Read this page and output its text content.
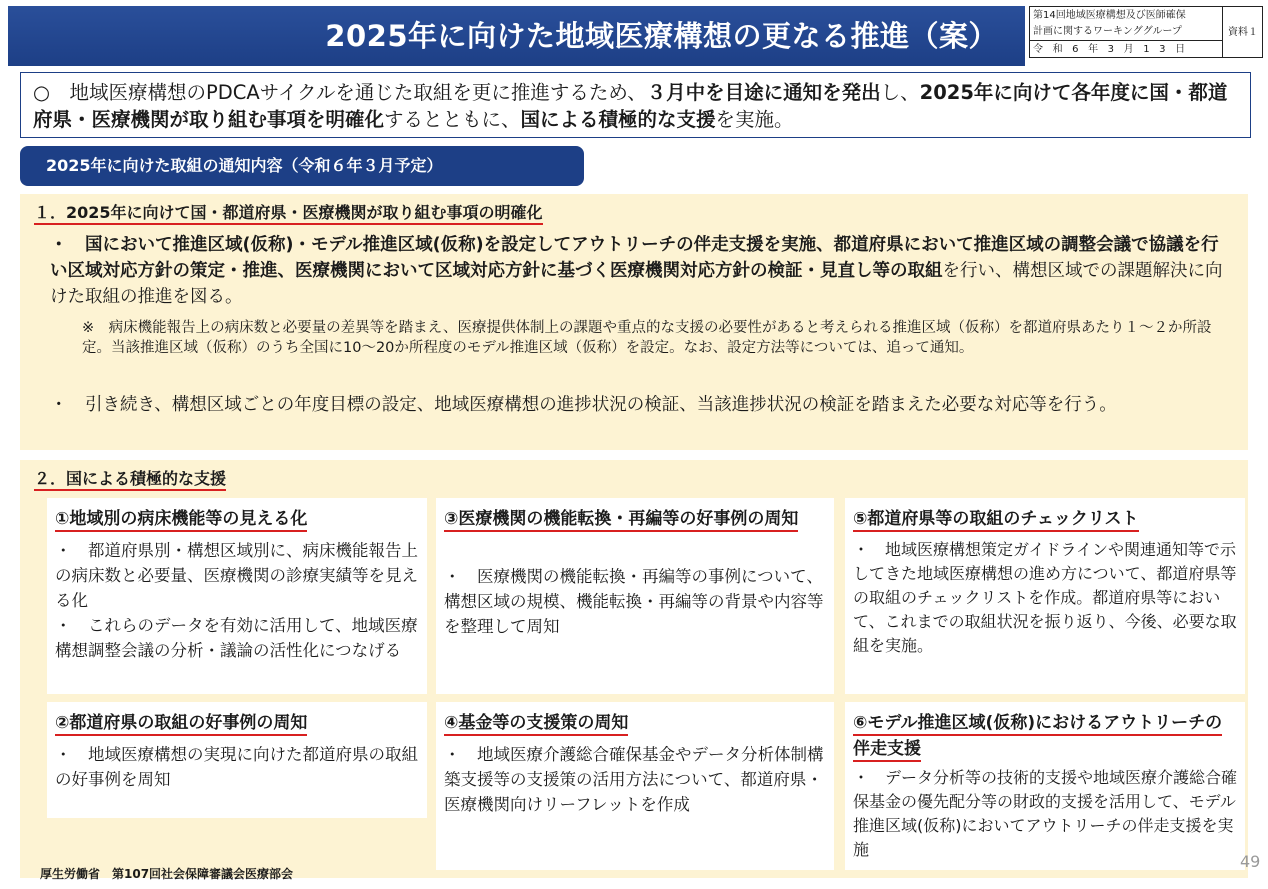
2025年に向けた地域医療構想の更なる推進（案）
第14回地域医療構想及び医師確保
計画に関するワーキンググループ
令 和 6 年 3 月 1 3 日
資料１
○　地域医療構想のPDCAサイクルを通じた取組を更に推進するため、３月中を目途に通知を発出し、2025年に向けて各年度に国・都道府県・医療機関が取り組む事項を明確化するとともに、国による積極的な支援を実施。
2025年に向けた取組の通知内容（令和６年３月予定）
１．2025年に向けて国・都道府県・医療機関が取り組む事項の明確化
・　国において推進区域(仮称)・モデル推進区域(仮称)を設定してアウトリーチの伴走支援を実施、都道府県において推進区域の調整会議で協議を行い区域対応方針の策定・推進、医療機関において区域対応方針に基づく医療機関対応方針の検証・見直し等の取組を行い、構想区域での課題解決に向けた取組の推進を図る。
※　病床機能報告上の病床数と必要量の差異等を踏まえ、医療提供体制上の課題や重点的な支援の必要性があると考えられる推進区域（仮称）を都道府県あたり１～２か所設定。当該推進区域（仮称）のうち全国に10～20か所程度のモデル推進区域（仮称）を設定。なお、設定方法等については、追って通知。
・　引き続き、構想区域ごとの年度目標の設定、地域医療構想の進捗状況の検証、当該進捗状況の検証を踏まえた必要な対応等を行う。
２．国による積極的な支援
①地域別の病床機能等の見える化
・　都道府県別・構想区域別に、病床機能報告上の病床数と必要量、医療機関の診療実績等を見える化
・　これらのデータを有効に活用して、地域医療構想調整会議の分析・議論の活性化につなげる
②都道府県の取組の好事例の周知
・　地域医療構想の実現に向けた都道府県の取組の好事例を周知
③医療機関の機能転換・再編等の好事例の周知
・　医療機関の機能転換・再編等の事例について、構想区域の規模、機能転換・再編等の背景や内容等を整理して周知
④基金等の支援策の周知
・　地域医療介護総合確保基金やデータ分析体制構築支援等の支援策の活用方法について、都道府県・医療機関向けリーフレットを作成
⑤都道府県等の取組のチェックリスト
・　地域医療構想策定ガイドラインや関連通知等で示してきた地域医療構想の進め方について、都道府県等の取組のチェックリストを作成。都道府県等において、これまでの取組状況を振り返り、今後、必要な取組を実施。
⑥モデル推進区域(仮称)におけるアウトリーチの伴走支援
・　データ分析等の技術的支援や地域医療介護総合確保基金の優先配分等の財政的支援を活用して、モデル推進区域(仮称)においてアウトリーチの伴走支援を実施
厚生労働省　第107回社会保障審議会医療部会
49
